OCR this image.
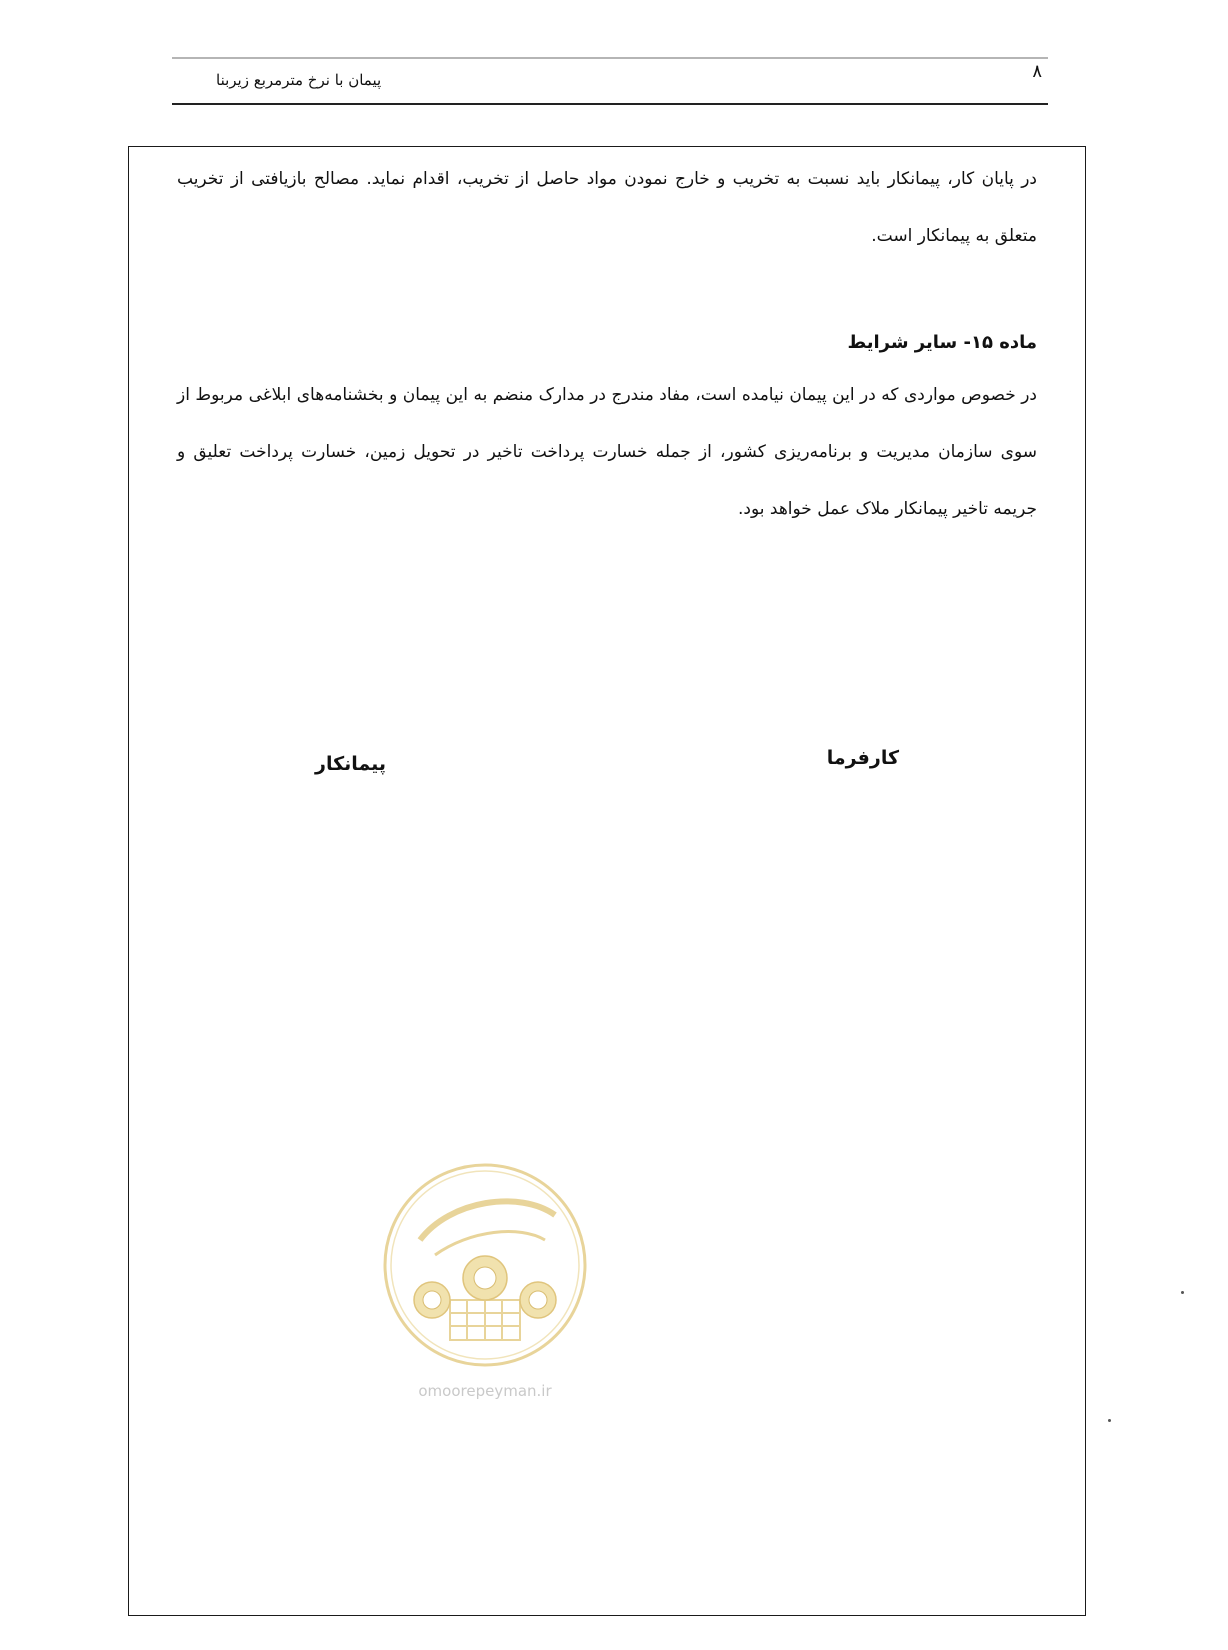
۸
پیمان با نرخ مترمربع زیربنا

در پایان کار، پیمانکار باید نسبت به تخریب و خارج نمودن مواد حاصل از تخریب، اقدام نماید. مصالح بازیافتی از تخریب متعلق به پیمانکار است.

ماده ۱۵- سایر شرایط

در خصوص مواردی که در این پیمان نیامده است، مفاد مندرج در مدارک منضم به این پیمان و بخشنامه‌های ابلاغی مربوط از سوی سازمان مدیریت و برنامه‌ریزی کشور، از جمله خسارت پرداخت تاخیر در تحویل زمین، خسارت پرداخت تعلیق و جریمه تاخیر پیمانکار ملاک عمل خواهد بود.

کارفرما
پیمانکار
omoorepeyman.ir
